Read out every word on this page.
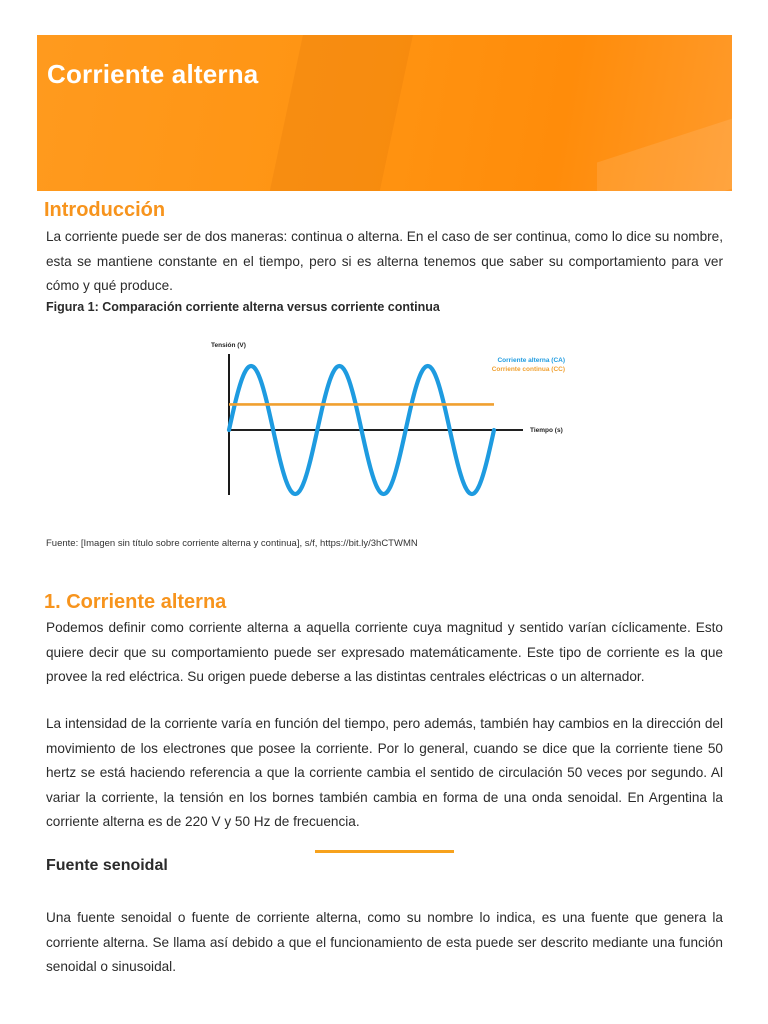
Corriente alterna
Introducción

La corriente puede ser de dos maneras: continua o alterna. En el caso de ser continua, como lo dice su nombre, esta se mantiene constante en el tiempo, pero si es alterna tenemos que saber su comportamiento para ver cómo y qué produce.

Figura 1: Comparación corriente alterna versus corriente continua

Tensión (V)
Tiempo (s)
Corriente alterna (CA)
Corriente continua (CC)

Fuente: [Imagen sin título sobre corriente alterna y continua], s/f, https://bit.ly/3hCTWMN

1. Corriente alterna

Podemos definir como corriente alterna a aquella corriente cuya magnitud y sentido varían cíclicamente. Esto quiere decir que su comportamiento puede ser expresado matemáticamente. Este tipo de corriente es la que provee la red eléctrica. Su origen puede deberse a las distintas centrales eléctricas o un alternador.

La intensidad de la corriente varía en función del tiempo, pero además, también hay cambios en la dirección del movimiento de los electrones que posee la corriente. Por lo general, cuando se dice que la corriente tiene 50 hertz se está haciendo referencia a que la corriente cambia el sentido de circulación 50 veces por segundo. Al variar la corriente, la tensión en los bornes también cambia en forma de una onda senoidal. En Argentina la corriente alterna es de 220 V y 50 Hz de frecuencia.

Fuente senoidal

Una fuente senoidal o fuente de corriente alterna, como su nombre lo indica, es una fuente que genera la corriente alterna. Se llama así debido a que el funcionamiento de esta puede ser descrito mediante una función senoidal o sinusoidal.
